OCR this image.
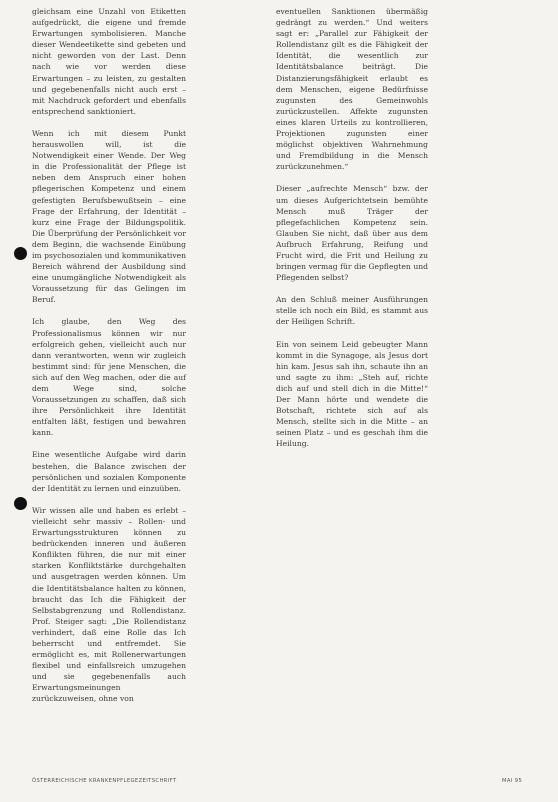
gleichsam eine Unzahl von Etiketten aufgedrückt, die eigene und fremde Erwartungen symbolisieren. Manche dieser Wendeetikette sind gebeten und nicht geworden von der Last. Denn nach wie vor werden diese Erwartungen – zu leisten, zu gestalten und gegebenenfalls nicht auch erst – mit Nachdruck gefordert und ebenfalls entsprechend sanktioniert.

Wenn ich mit diesem Punkt herauswollen will, ist die Notwendigkeit einer Wende. Der Weg in die Professionalität der Pflege ist neben dem Anspruch einer hohen pflegerischen Kompetenz und einem gefestigten Berufsbewußtsein – eine Frage der Erfahrung, der Identität – kurz eine Frage der Bildungspolitik. Die Überprüfung der Persönlichkeit vor dem Beginn, die wachsende Einübung im psychosozialen und kommunikativen Bereich während der Ausbildung sind eine unumgängliche Notwendigkeit als Voraussetzung für das Gelingen im Beruf.

Ich glaube, den Weg des Professionalismus können wir nur erfolgreich gehen, vielleicht auch nur dann verantworten, wenn wir zugleich bestimmt sind: für jene Menschen, die sich auf den Weg machen, oder die auf dem Wege sind, solche Voraussetzungen zu schaffen, daß sich ihre Persönlichkeit ihre Identität entfalten läßt, festigen und bewahren kann.

Eine wesentliche Aufgabe wird darin bestehen, die Balance zwischen der persönlichen und sozialen Komponente der Identität zu lernen und einzuüben.

Wir wissen alle und haben es erlebt – vielleicht sehr massiv – Rollen- und Erwartungsstrukturen können zu bedrückenden inneren und äußeren Konflikten führen, die nur mit einer starken Konfliktstärke durchgehalten und ausgetragen werden können. Um die Identitätsbalance halten zu können, braucht das Ich die Fähigkeit der Selbstabgrenzung und Rollendistanz. Prof. Steiger sagt: „Die Rollendistanz verhindert, daß eine Rolle das Ich beherrscht und entfremdet. Sie ermöglicht es, mit Rollenerwartungen flexibel und einfallsreich umzugehen und sie gegebenenfalls auch Erwartungsmeinungen zurückzuweisen, ohne von

eventuellen Sanktionen übermäßig gedrängt zu werden.“ Und weiters sagt er: „Parallel zur Fähigkeit der Rollendistanz gilt es die Fähigkeit der Identität, die wesentlich zur Identitätsbalance beiträgt. Die Distanzierungsfähigkeit erlaubt es dem Menschen, eigene Bedürfnisse zugunsten des Gemeinwohls zurückzustellen. Affekte zugunsten eines klaren Urteils zu kontrollieren, Projektionen zugunsten einer möglichst objektiven Wahrnehmung und Fremdbildung in die Mensch zurückzunehmen.“

Dieser „aufrechte Mensch“ bzw. der um dieses Aufgerichtetsein bemühte Mensch muß Träger der pflegefachlichen Kompetenz sein. Glauben Sie nicht, daß über aus dem Aufbruch Erfahrung, Reifung und Frucht wird, die Frit und Heilung zu bringen vermag für die Gepflegten und Pflegenden selbst?

An den Schluß meiner Ausführungen stelle ich noch ein Bild, es stammt aus der Heiligen Schrift.

Ein von seinem Leid gebeugter Mann kommt in die Synagoge, als Jesus dort hin kam. Jesus sah ihn, schaute ihn an und sagte zu ihm: „Steh auf, richte dich auf und stell dich in die Mitte!“ Der Mann hörte und wendete die Botschaft, richtete sich auf als Mensch, stellte sich in die Mitte – an seinen Platz – und es geschah ihm die Heilung.

ÖSTERREICHISCHE KRANKENPFLEGEZEITSCHRIFT	MAI 95
